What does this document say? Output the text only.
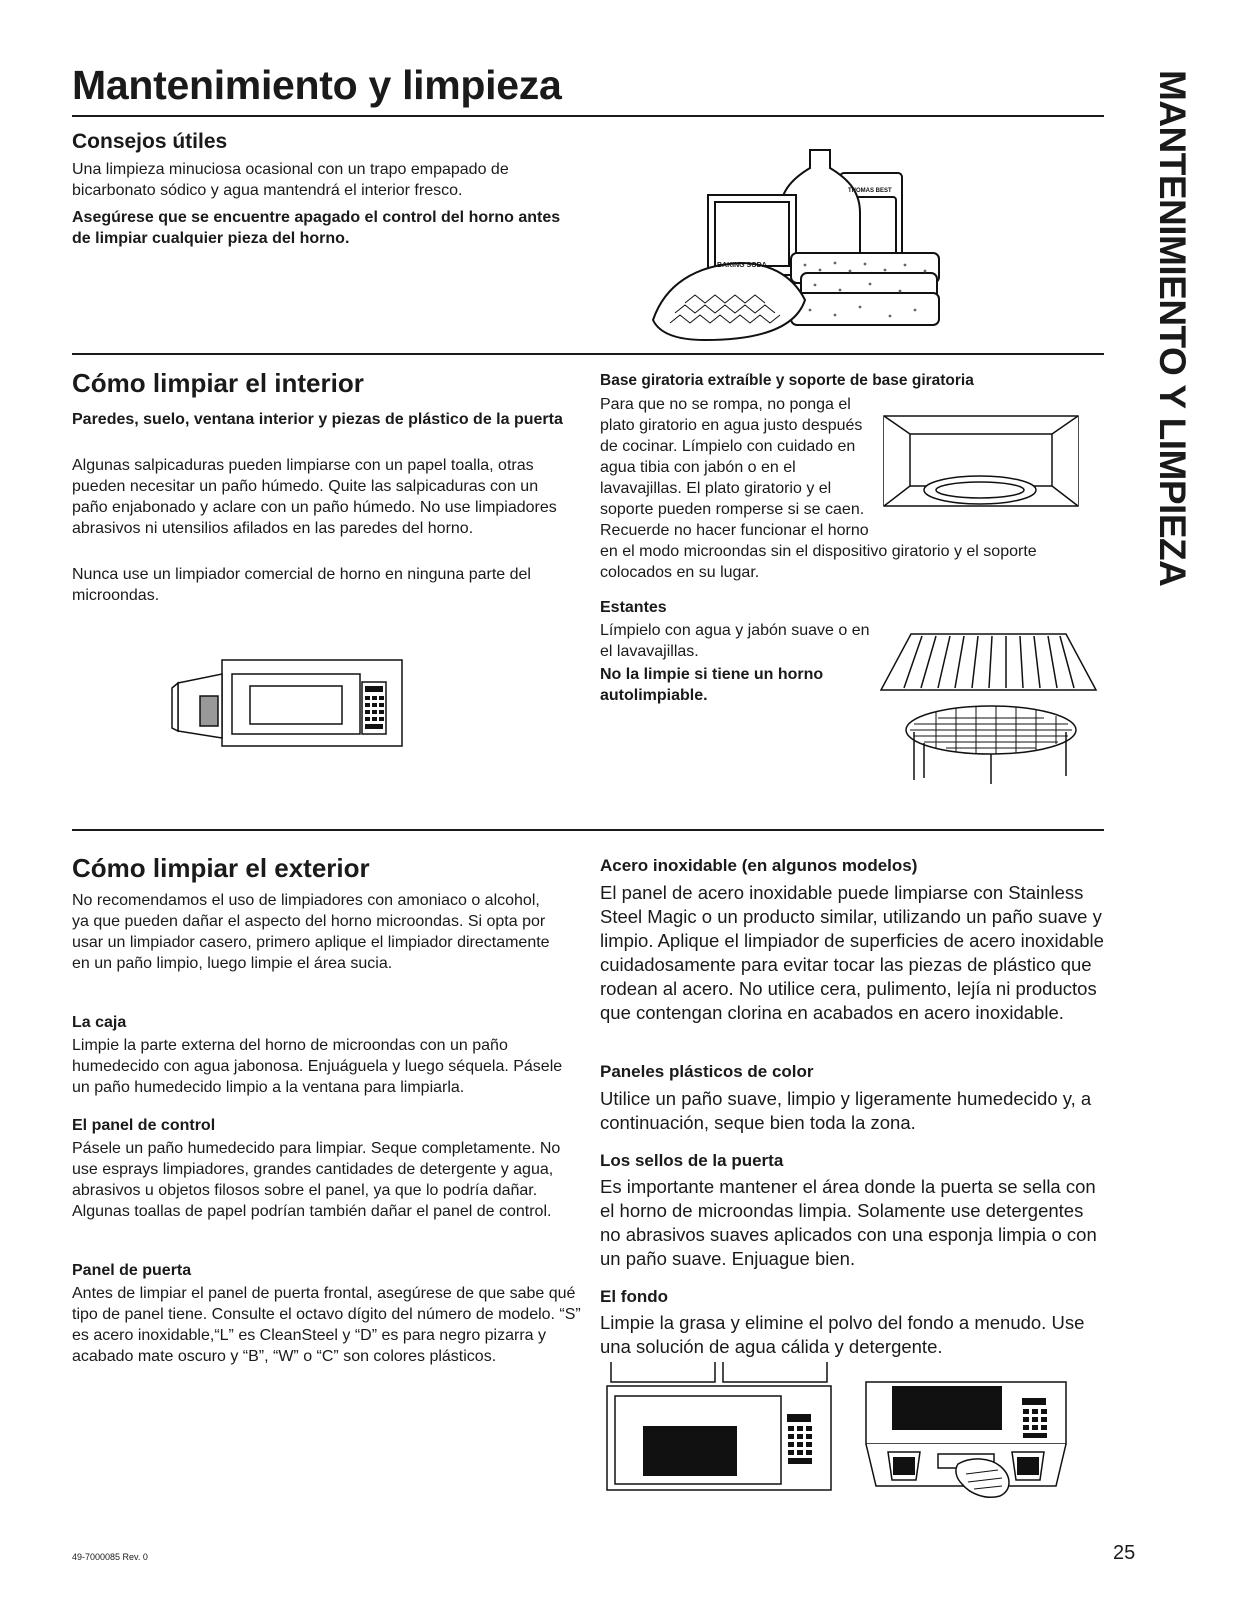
Mantenimiento y limpieza	MANTENIMIENTO Y LIMPIEZA
Consejos útiles

Una limpieza minuciosa ocasional con un trapo empapado de bicarbonato sódico y agua mantendrá el interior fresco.

Asegúrese que se encuentre apagado el control del horno antes de limpiar cualquier pieza del horno.

BAKING SODA
THOMAS BEST
Cómo limpiar el interior

Paredes, suelo, ventana interior y piezas de plástico de la puerta

Algunas salpicaduras pueden limpiarse con un papel toalla, otras pueden necesitar un paño húmedo. Quite las salpicaduras con un paño enjabonado y aclare con un paño húmedo. No use limpiadores abrasivos ni utensilios afilados en las paredes del horno.

Nunca use un limpiador comercial de horno en ninguna parte del microondas.

Base giratoria extraíble y soporte de base giratoria

Para que no se rompa, no ponga el plato giratorio en agua justo después de cocinar. Límpielo con cuidado en agua tibia con jabón o en el lavavajillas. El plato giratorio y el soporte pueden romperse si se caen. Recuerde no hacer funcionar el horno
en el modo microondas sin el dispositivo giratorio y el soporte colocados en su lugar.

Estantes

Límpielo con agua y jabón suave o en el lavavajillas.

No la limpie si tiene un horno autolimpiable.

Cómo limpiar el exterior

No recomendamos el uso de limpiadores con amoniaco o alcohol, ya que pueden dañar el aspecto del horno microondas. Si opta por usar un limpiador casero, primero aplique el limpiador directamente en un paño limpio, luego limpie el área sucia.

La caja

Limpie la parte externa del horno de microondas con un paño humedecido con agua jabonosa. Enjuáguela y luego séquela. Pásele un paño humedecido limpio a la ventana para limpiarla.

El panel de control

Pásele un paño humedecido para limpiar. Seque completamente. No use esprays limpiadores, grandes cantidades de detergente y agua, abrasivos u objetos filosos sobre el panel, ya que lo podría dañar. Algunas toallas de papel podrían también dañar el panel de control.

Panel de puerta

Antes de limpiar el panel de puerta frontal, asegúrese de que sabe qué tipo de panel tiene. Consulte el octavo dígito del número de modelo. “S” es acero inoxidable,“L” es CleanSteel y “D” es para negro pizarra y acabado mate oscuro y “B”, “W” o “C” son colores plásticos.

Acero inoxidable (en algunos modelos)

El panel de acero inoxidable puede limpiarse con Stainless Steel Magic o un producto similar, utilizando un paño suave y limpio. Aplique el limpiador de superficies de acero inoxidable cuidadosamente para evitar tocar las piezas de plástico que rodean al acero. No utilice cera, pulimento, lejía ni productos que contengan clorina en acabados en acero inoxidable.

Paneles plásticos de color

Utilice un paño suave, limpio y ligeramente humedecido y, a continuación, seque bien toda la zona.

Los sellos de la puerta

Es importante mantener el área donde la puerta se sella con el horno de microondas limpia. Solamente use detergentes no abrasivos suaves aplicados con una esponja limpia o con un paño suave. Enjuague bien.

El fondo

Limpie la grasa y elimine el polvo del fondo a menudo. Use una solución de agua cálida y detergente.

49-7000085 Rev. 0	25
